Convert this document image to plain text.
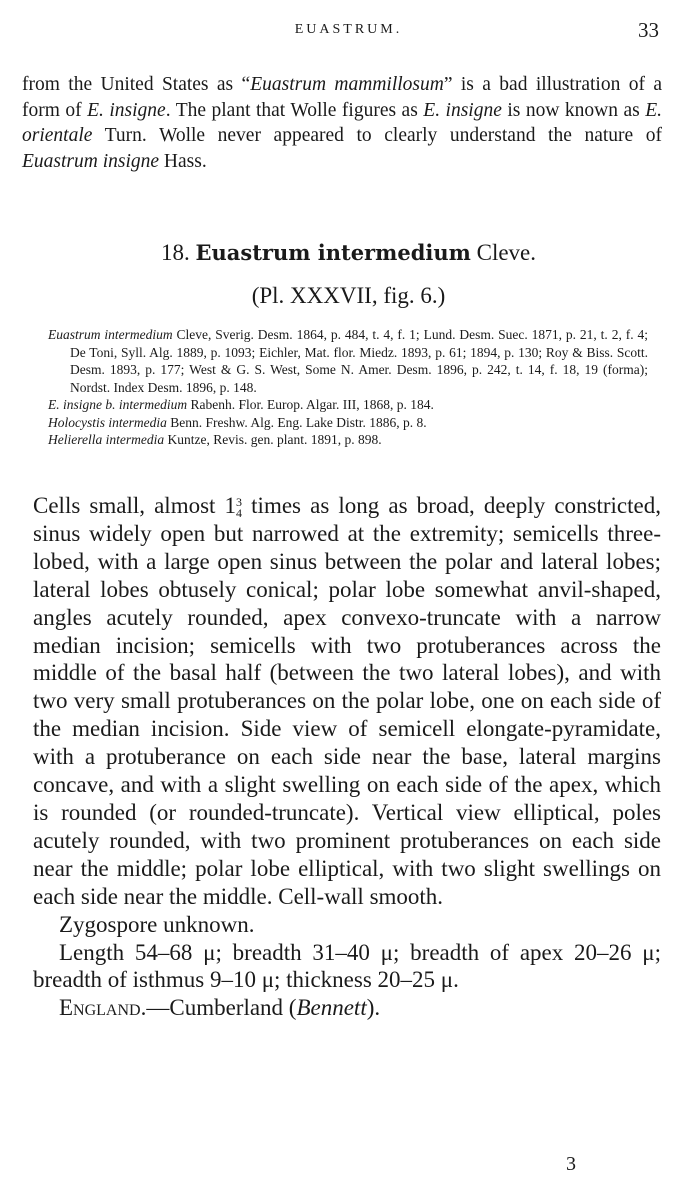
EUASTRUM.	33
from the United States as “Euastrum mammillosum” is a bad illustration of a form of E. insigne. The plant that Wolle figures as E. insigne is now known as E. orientale Turn. Wolle never appeared to clearly understand the nature of Euastrum insigne Hass.
18. Euastrum intermedium Cleve.
(Pl. XXXVII, fig. 6.)
Euastrum intermedium Cleve, Sverig. Desm. 1864, p. 484, t. 4, f. 1; Lund. Desm. Suec. 1871, p. 21, t. 2, f. 4; De Toni, Syll. Alg. 1889, p. 1093; Eichler, Mat. flor. Miedz. 1893, p. 61; 1894, p. 130; Roy & Biss. Scott. Desm. 1893, p. 177; West & G. S. West, Some N. Amer. Desm. 1896, p. 242, t. 14, f. 18, 19 (forma); Nordst. Index Desm. 1896, p. 148.
E. insigne b. intermedium Rabenh. Flor. Europ. Algar. III, 1868, p. 184.
Holocystis intermedia Benn. Freshw. Alg. Eng. Lake Distr. 1886, p. 8.
Helierella intermedia Kuntze, Revis. gen. plant. 1891, p. 898.

Cells small, almost 1 3
4 times as long as broad, deeply constricted, sinus widely open but narrowed at the extremity; semicells three-lobed, with a large open sinus between the polar and lateral lobes; lateral lobes obtusely conical; polar lobe somewhat anvil-shaped, angles acutely rounded, apex convexo-truncate with a narrow median incision; semicells with two protuberances across the middle of the basal half (between the two lateral lobes), and with two very small protuberances on the polar lobe, one on each side of the median incision. Side view of semicell elongate-pyramidate, with a protuberance on each side near the base, lateral margins concave, and with a slight swelling on each side of the apex, which is rounded (or rounded-truncate). Vertical view elliptical, poles acutely rounded, with two prominent protuberances on each side near the middle; polar lobe elliptical, with two slight swellings on each side near the middle. Cell-wall smooth.

Zygospore unknown.

Length 54–68 μ; breadth 31–40 μ; breadth of apex 20–26 μ; breadth of isthmus 9–10 μ; thickness 20–25 μ.

England.—Cumberland (Bennett).

3
